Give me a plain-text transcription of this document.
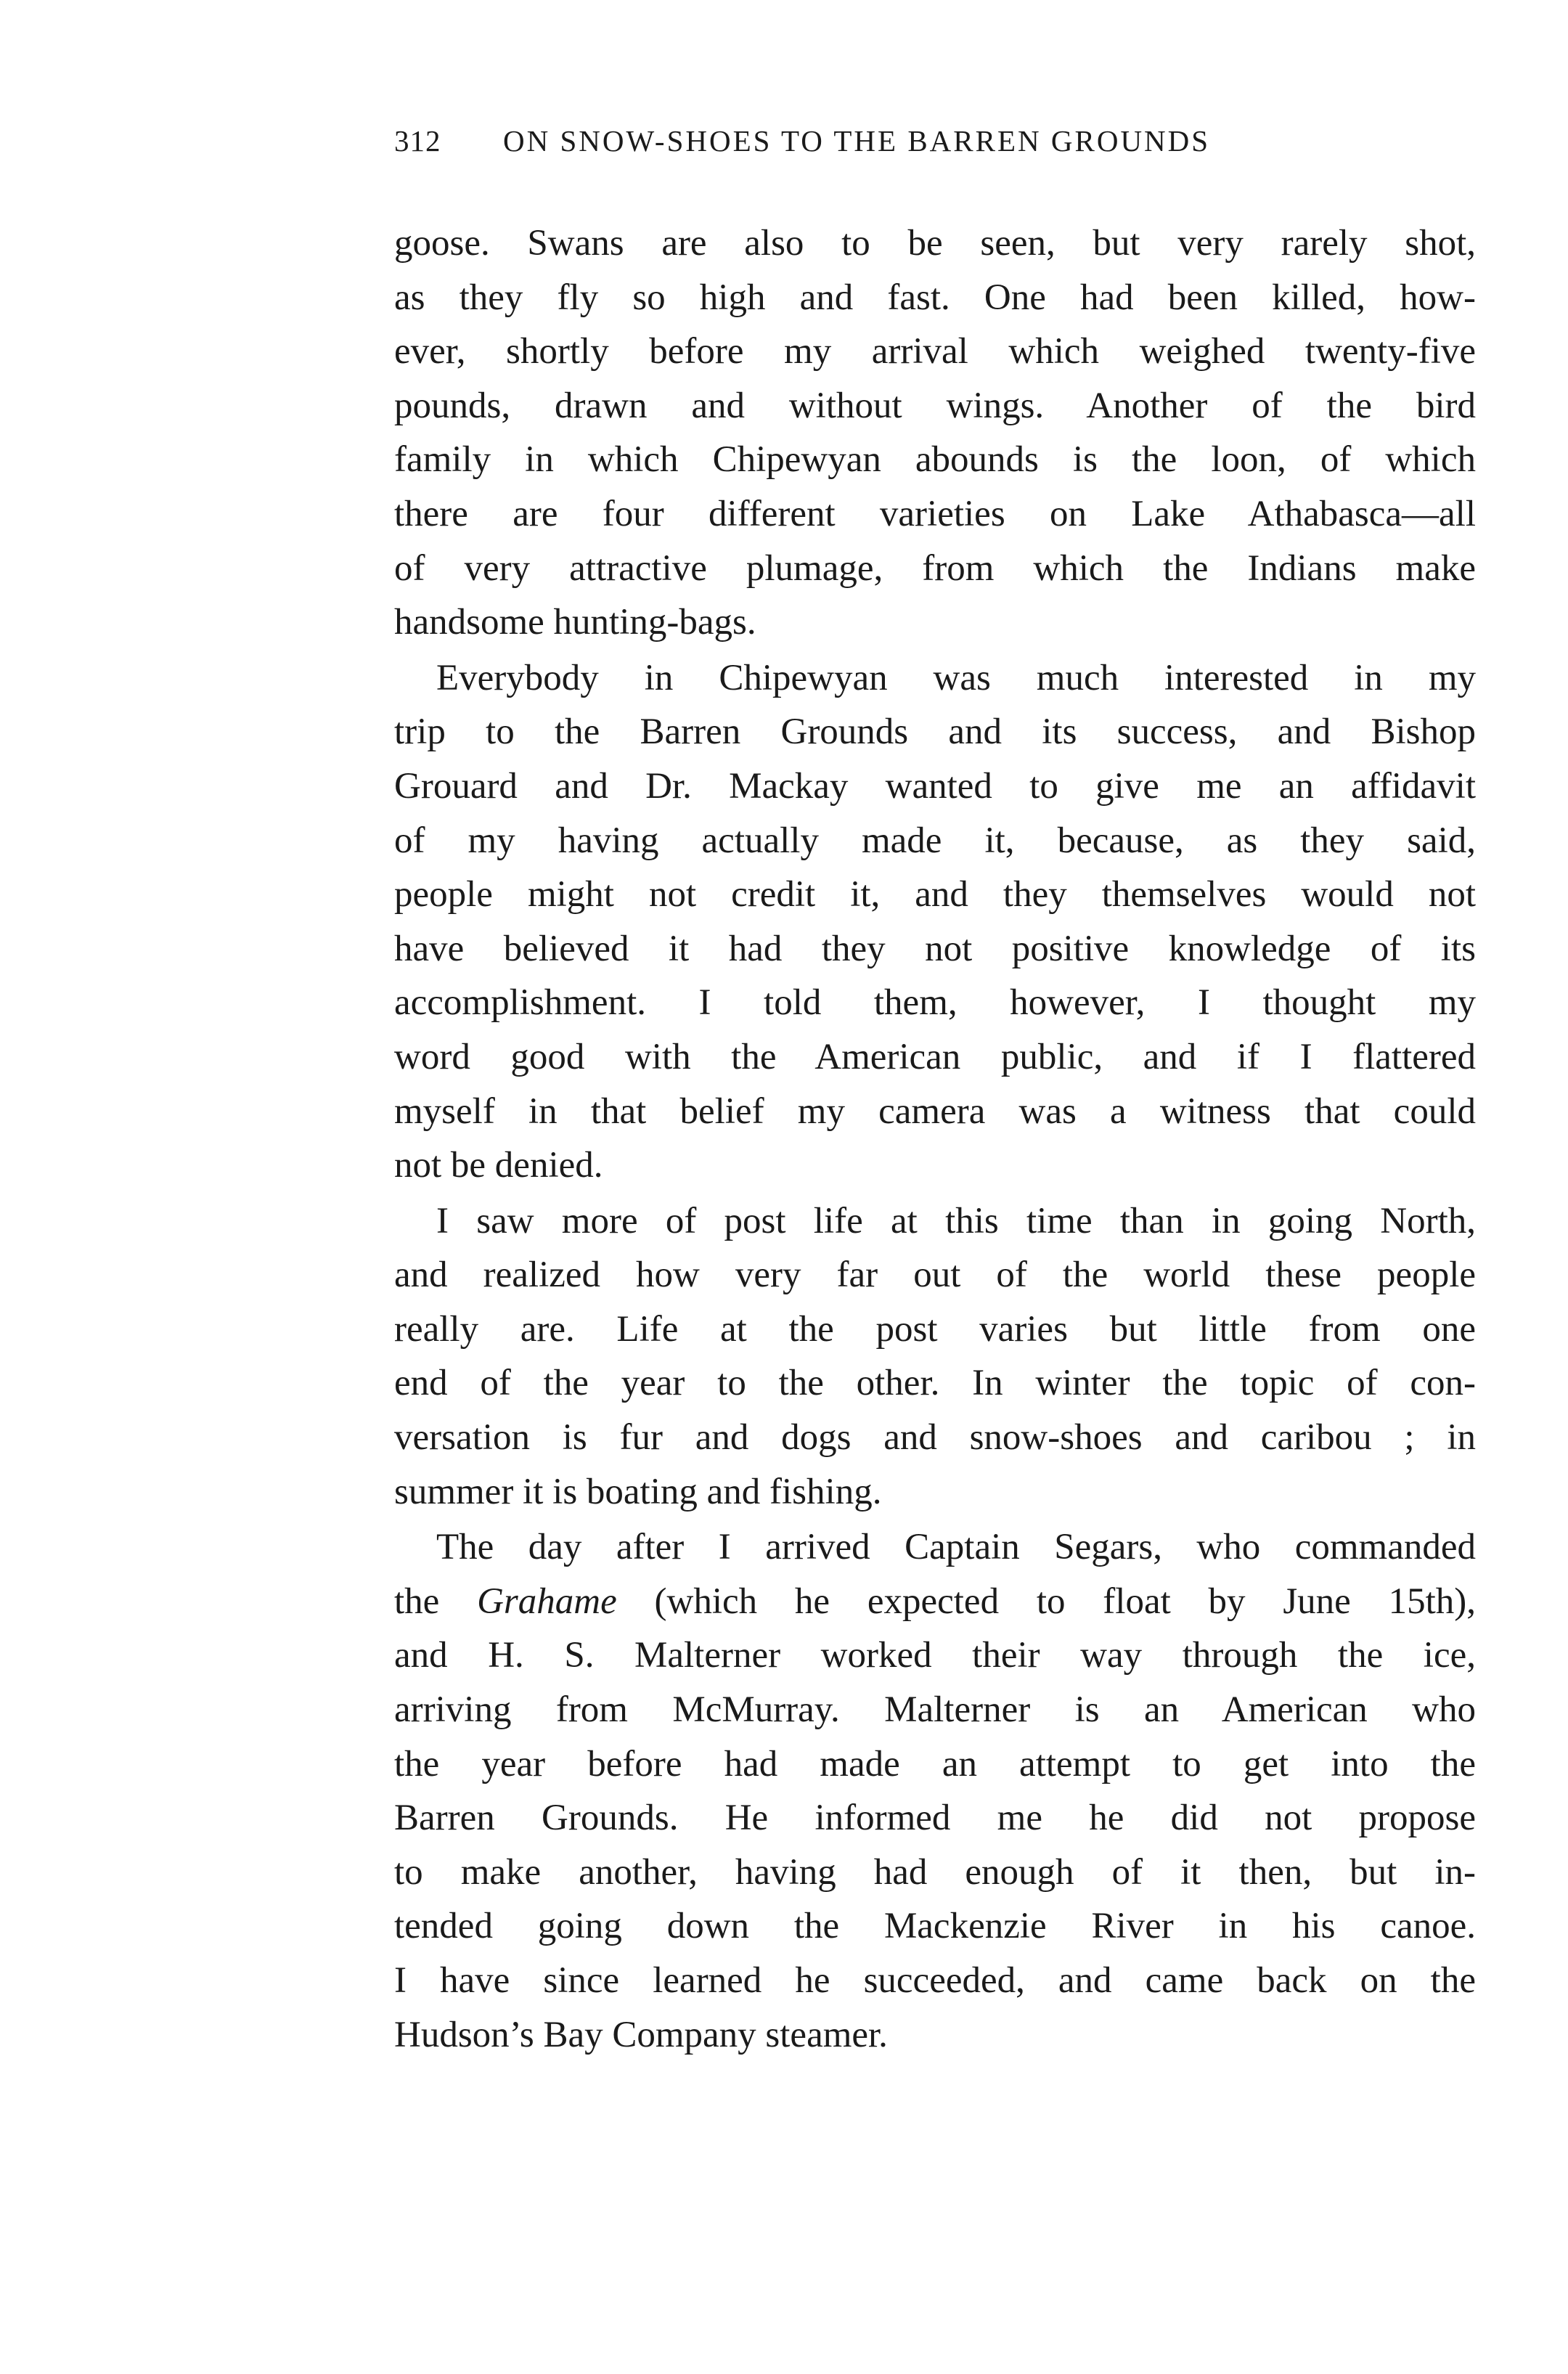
312 ON SNOW-SHOES TO THE BARREN GROUNDS
goose. Swans are also to be seen, but very rarely shot,
as they fly so high and fast. One had been killed, how-
ever, shortly before my arrival which weighed twenty-five
pounds, drawn and without wings. Another of the bird
family in which Chipewyan abounds is the loon, of which
there are four different varieties on Lake Athabasca—all
of very attractive plumage, from which the Indians make
handsome hunting-bags.
Everybody in Chipewyan was much interested in my
trip to the Barren Grounds and its success, and Bishop
Grouard and Dr. Mackay wanted to give me an affidavit
of my having actually made it, because, as they said,
people might not credit it, and they themselves would not
have believed it had they not positive knowledge of its
accomplishment. I told them, however, I thought my
word good with the American public, and if I flattered
myself in that belief my camera was a witness that could
not be denied.
I saw more of post life at this time than in going North,
and realized how very far out of the world these people
really are. Life at the post varies but little from one
end of the year to the other. In winter the topic of con-
versation is fur and dogs and snow-shoes and caribou ; in
summer it is boating and fishing.
The day after I arrived Captain Segars, who commanded
the Grahame (which he expected to float by June 15th),
and H. S. Malterner worked their way through the ice,
arriving from McMurray. Malterner is an American who
the year before had made an attempt to get into the
Barren Grounds. He informed me he did not propose
to make another, having had enough of it then, but in-
tended going down the Mackenzie River in his canoe.
I have since learned he succeeded, and came back on the
Hudson’s Bay Company steamer.
